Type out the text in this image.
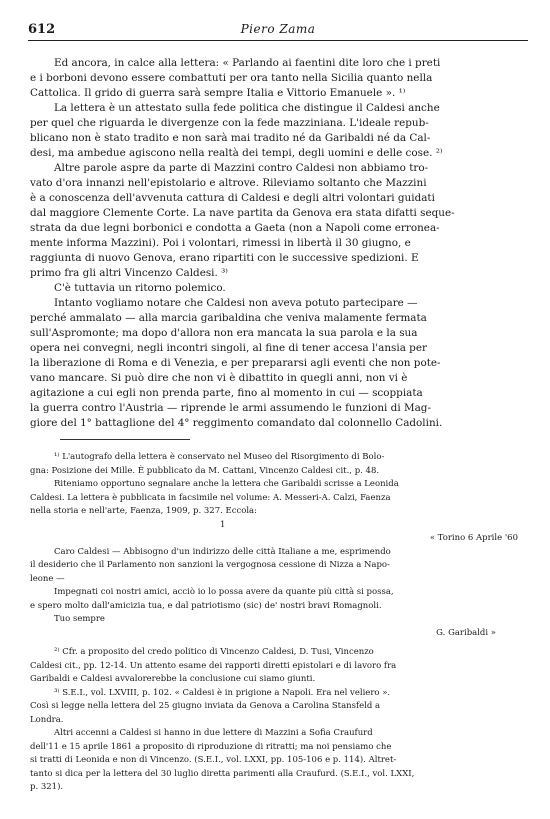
612	Piero Zama
Ed ancora, in calce alla lettera: « Parlando ai faentini dite loro che i preti
e i borboni devono essere combattuti per ora tanto nella Sicilia quanto nella
Cattolica. Il grido di guerra sarà sempre Italia e Vittorio Emanuele ». ¹⁾
La lettera è un attestato sulla fede politica che distingue il Caldesi anche
per quel che riguarda le divergenze con la fede mazziniana. L'ideale repub-
blicano non è stato tradito e non sarà mai tradito né da Garibaldi né da Cal-
desi, ma ambedue agiscono nella realtà dei tempi, degli uomini e delle cose. ²⁾
Altre parole aspre da parte di Mazzini contro Caldesi non abbiamo tro-
vato d'ora innanzi nell'epistolario e altrove. Rileviamo soltanto che Mazzini
è a conoscenza dell'avvenuta cattura di Caldesi e degli altri volontari guidati
dal maggiore Clemente Corte. La nave partita da Genova era stata difatti seque-
strata da due legni borbonici e condotta a Gaeta (non a Napoli come erronea-
mente informa Mazzini). Poi i volontari, rimessi in libertà il 30 giugno, e
raggiunta di nuovo Genova, erano ripartiti con le successive spedizioni. E
primo fra gli altri Vincenzo Caldesi. ³⁾
C'è tuttavia un ritorno polemico.
Intanto vogliamo notare che Caldesi non aveva potuto partecipare —
perché ammalato — alla marcia garibaldina che veniva malamente fermata
sull'Aspromonte; ma dopo d'allora non era mancata la sua parola e la sua
opera nei convegni, negli incontri singoli, al fine di tener accesa l'ansia per
la liberazione di Roma e di Venezia, e per prepararsi agli eventi che non pote-
vano mancare. Si può dire che non vi è dibattito in quegli anni, non vi è
agitazione a cui egli non prenda parte, fino al momento in cui — scoppiata
la guerra contro l'Austria — riprende le armi assumendo le funzioni di Mag-
giore del 1° battaglione del 4° reggimento comandato dal colonnello Cadolini.
¹⁾ L'autografo della lettera è conservato nel Museo del Risorgimento di Bolo-
gna: Posizione dei Mille. È pubblicato da M. Cattani, Vincenzo Caldesi cit., p. 48.
Riteniamo opportuno segnalare anche la lettera che Garibaldi scrisse a Leonida
Caldesi. La lettera è pubblicata in facsimile nel volume: A. Messeri-A. Calzi, Faenza
nella storia e nell'arte, Faenza, 1909, p. 327. Eccola:
1
« Torino 6 Aprile '60
Caro Caldesi — Abbisogno d'un indirizzo delle città Italiane a me, esprimendo
il desiderio che il Parlamento non sanzioni la vergognosa cessione di Nizza a Napo-
leone —
Impegnati coi nostri amici, acciò io lo possa avere da quante più città si possa,
e spero molto dall'amicizia tua, e dal patriotismo (sic) de' nostri bravi Romagnoli.
Tuo sempre
G. Garibaldi »
²⁾ Cfr. a proposito del credo politico di Vincenzo Caldesi, D. Tusi, Vincenzo
Caldesi cit., pp. 12-14. Un attento esame dei rapporti diretti epistolari e di lavoro fra
Garibaldi e Caldesi avvalorerebbe la conclusione cui siamo giunti.
³⁾ S.E.I., vol. LXVIII, p. 102. « Caldesi è in prigione a Napoli. Era nel veliero ».
Così si legge nella lettera del 25 giugno inviata da Genova a Carolina Stansfeld a
Londra.
Altri accenni a Caldesi si hanno in due lettere di Mazzini a Sofia Craufurd
dell'11 e 15 aprile 1861 a proposito di riproduzione di ritratti; ma noi pensiamo che
si tratti di Leonida e non di Vincenzo. (S.E.I., vol. LXXI, pp. 105-106 e p. 114). Altret-
tanto si dica per la lettera del 30 luglio diretta parimenti alla Craufurd. (S.E.I., vol. LXXI,
p. 321).
